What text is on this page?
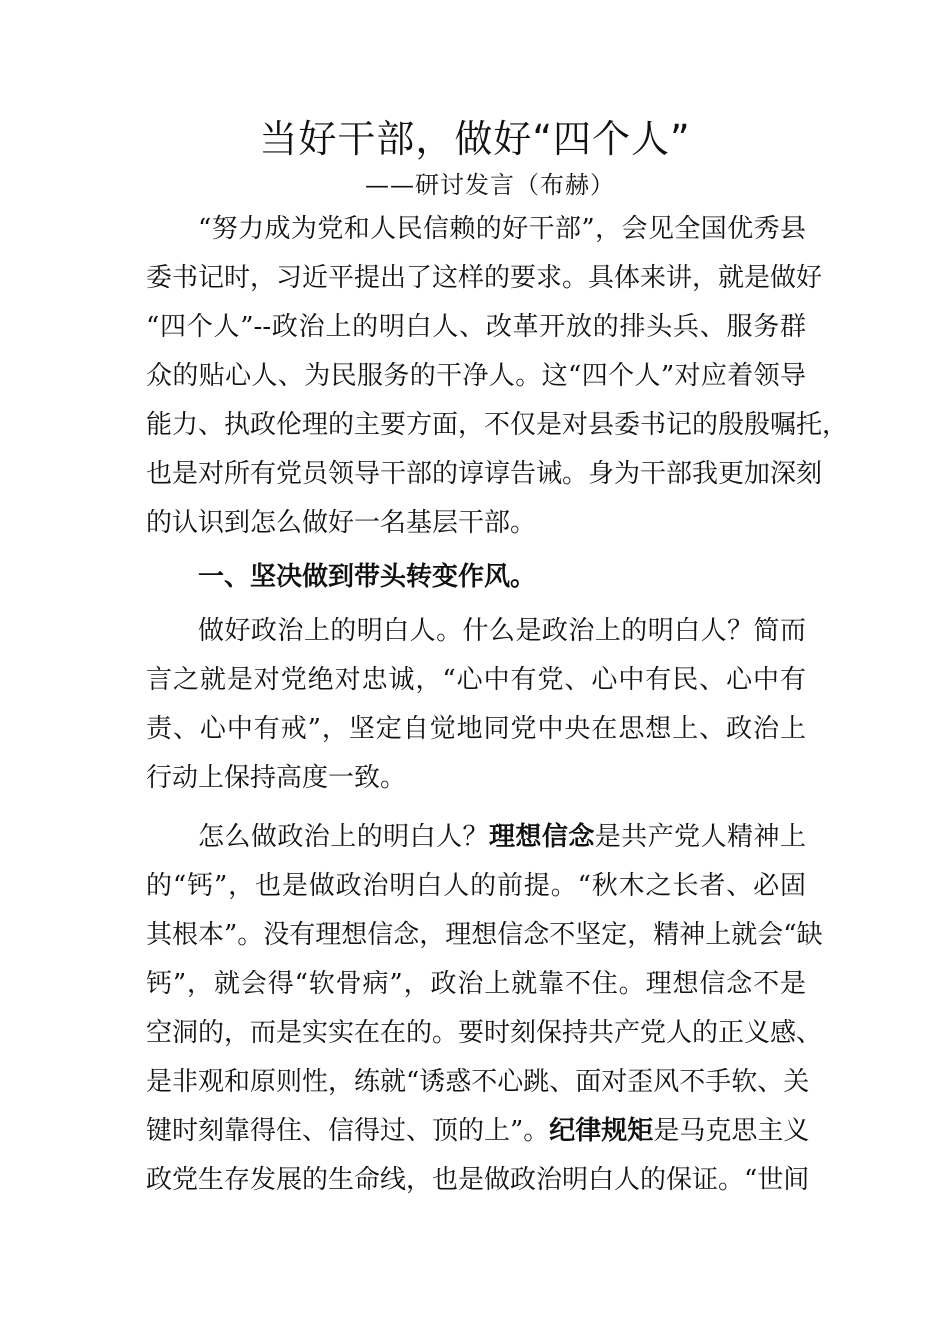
当好干部，做好“四个人”
——研讨发言（布赫）
“努力成为党和人民信赖的好干部”，会见全国优秀县
委书记时，习近平提出了这样的要求。具体来讲，就是做好
“四个人”--政治上的明白人、改革开放的排头兵、服务群
众的贴心人、为民服务的干净人。这“四个人”对应着领导
能力、执政伦理的主要方面，不仅是对县委书记的殷殷嘱托，
也是对所有党员领导干部的谆谆告诫。身为干部我更加深刻
的认识到怎么做好一名基层干部。
一、坚决做到带头转变作风。
做好政治上的明白人。什么是政治上的明白人？简而
言之就是对党绝对忠诚，“心中有党、心中有民、心中有
责、心中有戒”，坚定自觉地同党中央在思想上、政治上
行动上保持高度一致。
怎么做政治上的明白人？理想信念是共产党人精神上
的“钙”，也是做政治明白人的前提。“秋木之长者、必固
其根本”。没有理想信念，理想信念不坚定，精神上就会“缺
钙”，就会得“软骨病”，政治上就靠不住。理想信念不是
空洞的，而是实实在在的。要时刻保持共产党人的正义感、
是非观和原则性，练就“诱惑不心跳、面对歪风不手软、关
键时刻靠得住、信得过、顶的上”。纪律规矩是马克思主义
政党生存发展的生命线，也是做政治明白人的保证。“世间
